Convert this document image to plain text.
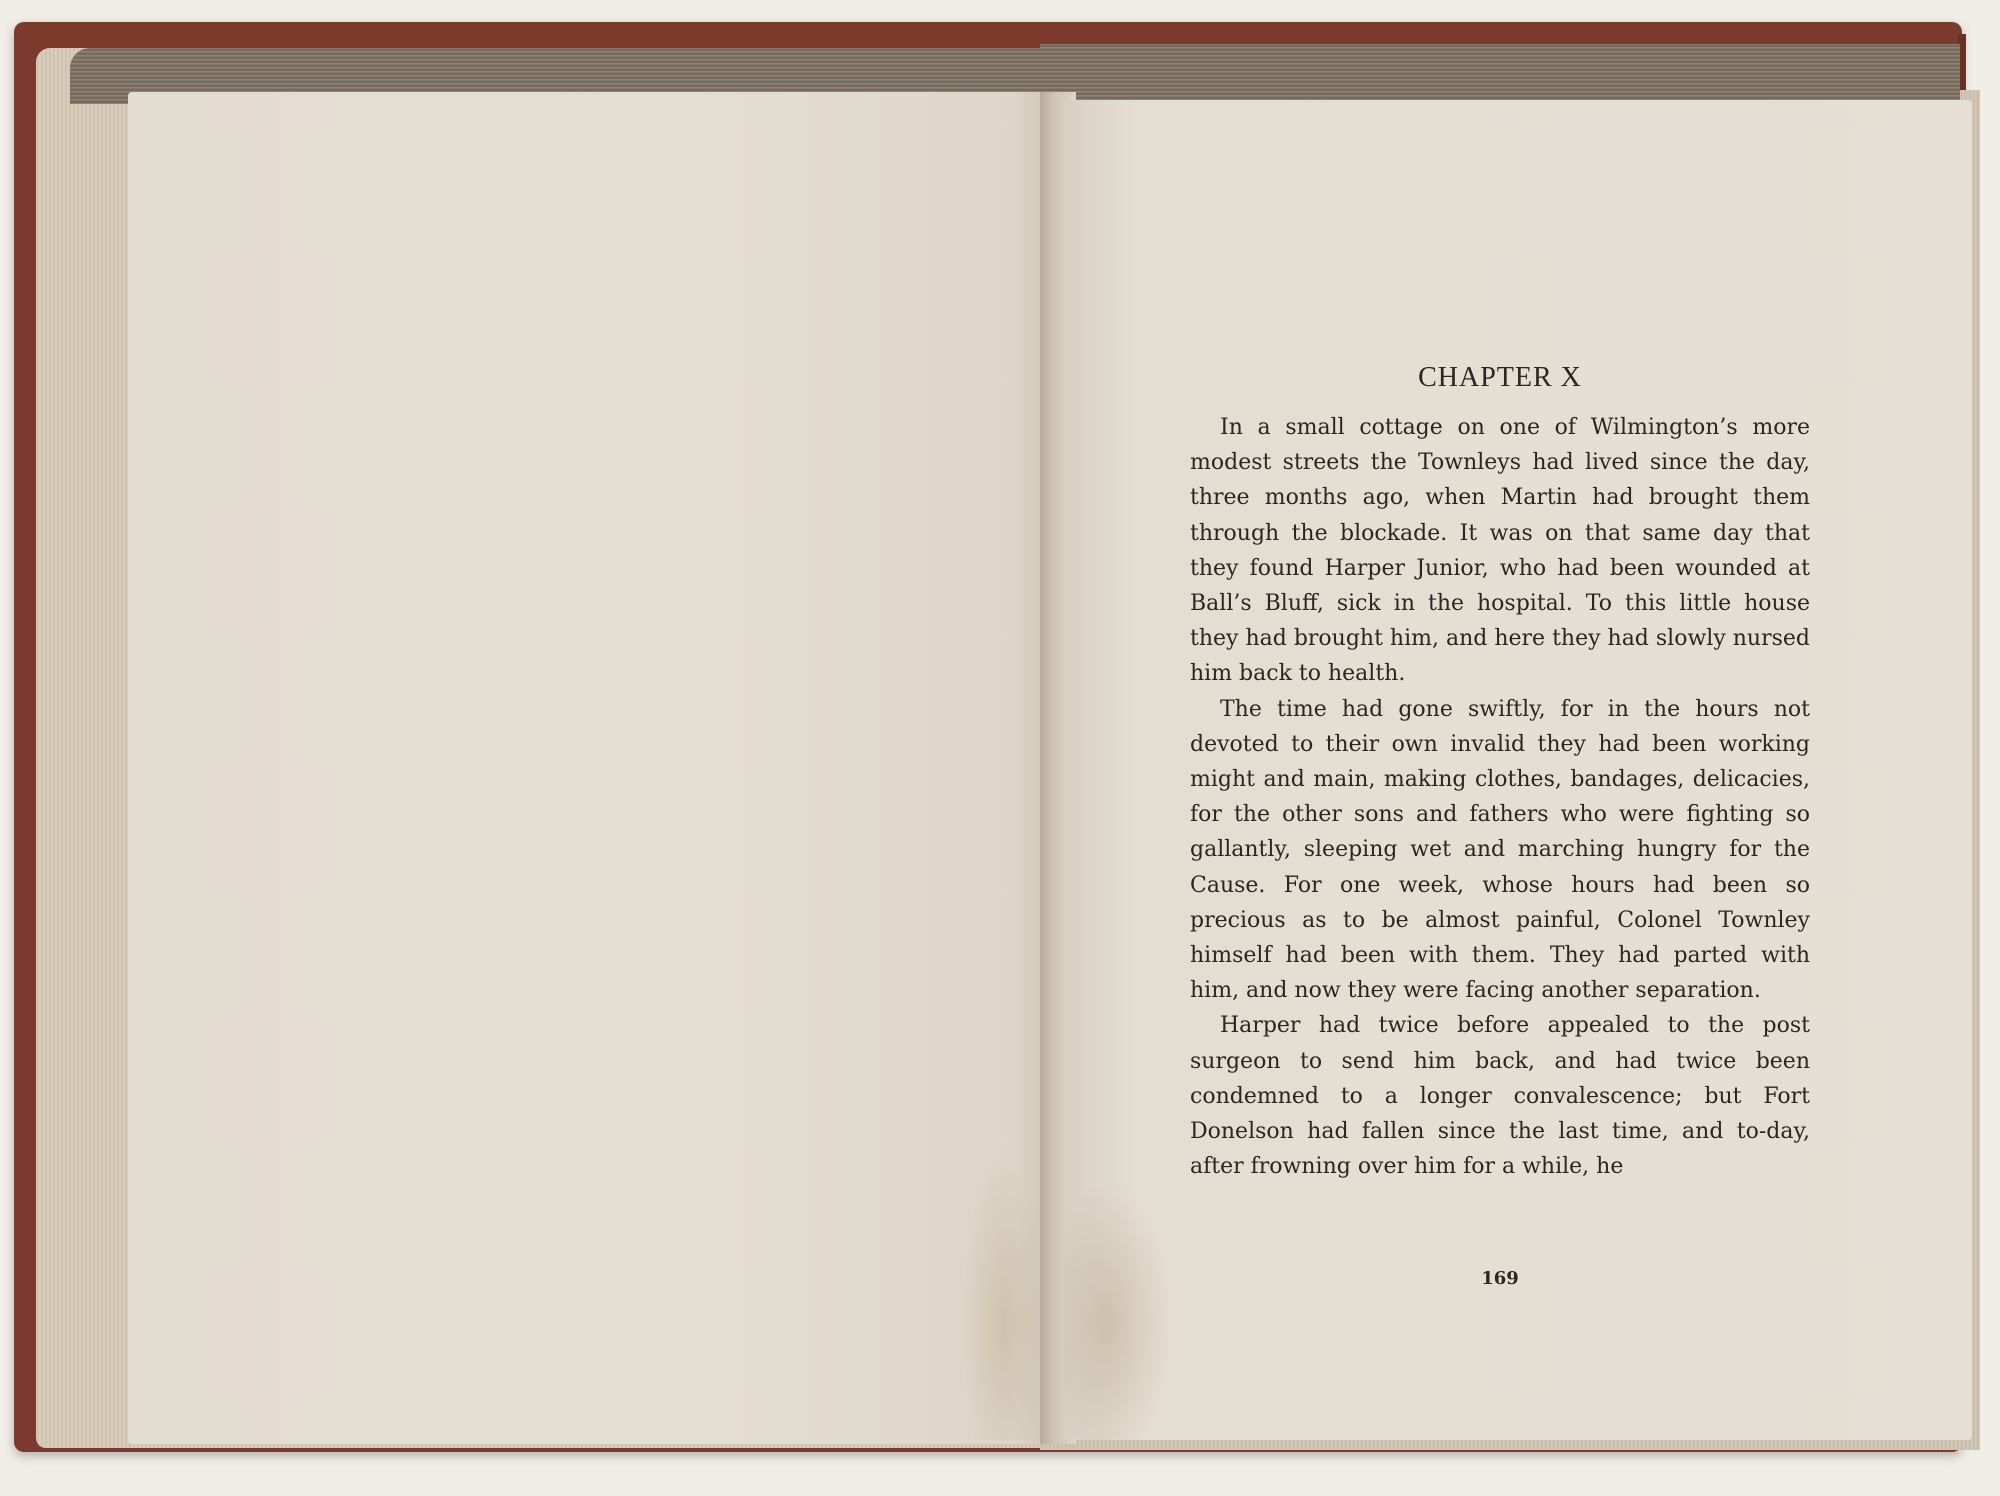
CHAPTER X

In a small cottage on one of Wilmington’s more modest streets the Townleys had lived since the day, three months ago, when Martin had brought them through the blockade. It was on that same day that they found Harper Junior, who had been wounded at Ball’s Bluff, sick in the hospital. To this little house they had brought him, and here they had slowly nursed him back to health.

The time had gone swiftly, for in the hours not devoted to their own invalid they had been working might and main, making clothes, bandages, delicacies, for the other sons and fathers who were fighting so gallantly, sleeping wet and marching hungry for the Cause. For one week, whose hours had been so precious as to be almost painful, Colonel Townley himself had been with them. They had parted with him, and now they were facing another separation.

Harper had twice before appealed to the post surgeon to send him back, and had twice been condemned to a longer convalescence; but Fort Donelson had fallen since the last time, and to-day, after frowning over him for a while, he

169
